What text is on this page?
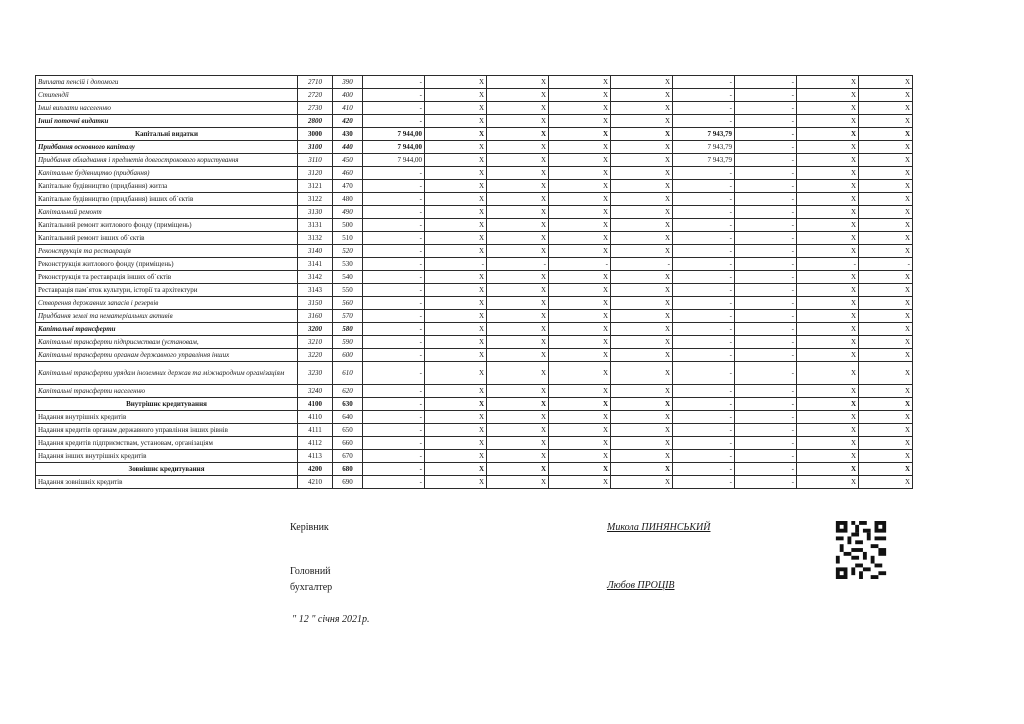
Виплата пенсій і допомоги	2710	390	-	X	X	X	X	-	-	X	X
Стипендії	2720	400	-	X	X	X	X	-	-	X	X
Інші виплати населенню	2730	410	-	X	X	X	X	-	-	X	X
Інші поточні видатки	2800	420	-	X	X	X	X	-	-	X	X
Капітальні видатки	3000	430	7 944,00	X	X	X	X	7 943,79	-	X	X
Придбання основного капіталу	3100	440	7 944,00	X	X	X	X	7 943,79	-	X	X
Придбання обладнання і предметів довгострокового користування	3110	450	7 944,00	X	X	X	X	7 943,79	-	X	X
Капітальне будівництво (придбання)	3120	460	-	X	X	X	X	-	-	X	X
Капітальне будівництво (придбання) житла	3121	470	-	X	X	X	X	-	-	X	X
Капітальне будівництво (придбання) інших об`єктів	3122	480	-	X	X	X	X	-	-	X	X
Капітальний ремонт	3130	490	-	X	X	X	X	-	-	X	X
Капітальний ремонт житлового фонду (приміщень)	3131	500	-	X	X	X	X	-	-	X	X
Капітальний ремонт інших об`єктів	3132	510	-	X	X	X	X	-	-	X	X
Реконструкція та реставрація	3140	520	-	X	X	X	X	-	-	X	X
Реконструкція житлового фонду (приміщень)	3141	530	-	-	-	-	-	-	-	-	-
Реконструкція та реставрація інших об`єктів	3142	540	-	X	X	X	X	-	-	X	X
Реставрація пам`яток культури, історії та архітектури	3143	550	-	X	X	X	X	-	-	X	X
Створення державних запасів і резервів	3150	560	-	X	X	X	X	-	-	X	X
Придбання землі та нематеріальних активів	3160	570	-	X	X	X	X	-	-	X	X
Капітальні трансферти	3200	580	-	X	X	X	X	-	-	X	X
Капітальні трансферти підприємствам (установам,	3210	590	-	X	X	X	X	-	-	X	X
Капітальні трансферти органам державного управління інших	3220	600	-	X	X	X	X	-	-	X	X
Капітальні трансферти урядам іноземних держав та міжнародним організаціям	3230	610	-	X	X	X	X	-	-	X	X
Капітальні трансферти населенню	3240	620	-	X	X	X	X	-	-	X	X
Внутрішнє кредитування	4100	630	-	X	X	X	X	-	-	X	X
Надання внутрішніх кредитів	4110	640	-	X	X	X	X	-	-	X	X
Надання кредитів органам державного управління інших рівнів	4111	650	-	X	X	X	X	-	-	X	X
Надання кредитів підприємствам, установам, організаціям	4112	660	-	X	X	X	X	-	-	X	X
Надання інших внутрішніх кредитів	4113	670	-	X	X	X	X	-	-	X	X
Зовнішнє кредитування	4200	680	-	X	X	X	X	-	-	X	X
Надання зовнішніх кредитів	4210	690	-	X	X	X	X	-	-	X	X
Керівник	Микола ПИНЯНСЬКИЙ
Головний
бухгалтер	Любов ПРОЦІВ
" 12 " січня 2021р.
